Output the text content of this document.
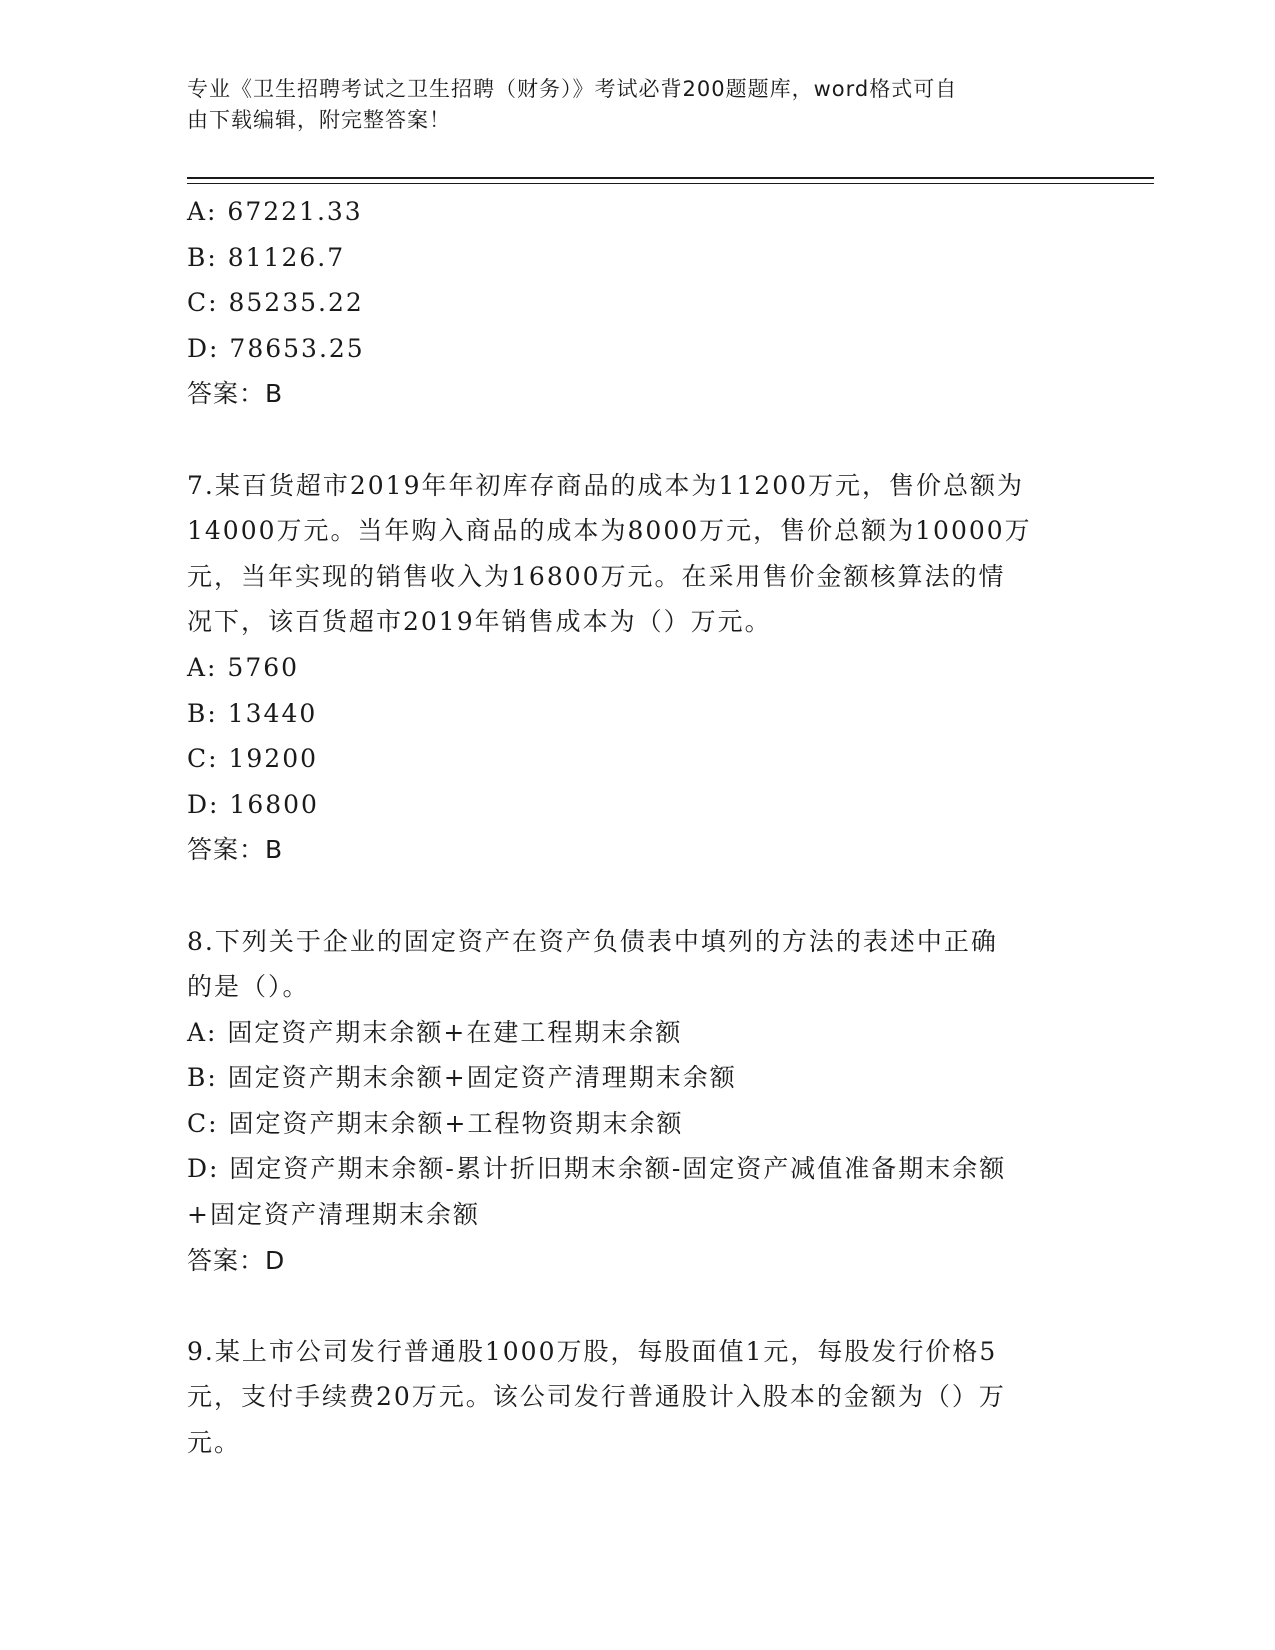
专业《卫生招聘考试之卫生招聘（财务）》考试必背200题题库，word格式可自
由下载编辑，附完整答案！
A: 67221.33
B: 81126.7
C: 85235.22
D: 78653.25
答案：B
7.某百货超市2019年年初库存商品的成本为11200万元，售价总额为
14000万元。当年购入商品的成本为8000万元，售价总额为10000万
元，当年实现的销售收入为16800万元。在采用售价金额核算法的情
况下，该百货超市2019年销售成本为（）万元。
A: 5760
B: 13440
C: 19200
D: 16800
答案：B
8.下列关于企业的固定资产在资产负债表中填列的方法的表述中正确
的是（）。
A: 固定资产期末余额+在建工程期末余额
B: 固定资产期末余额+固定资产清理期末余额
C: 固定资产期末余额+工程物资期末余额
D: 固定资产期末余额-累计折旧期末余额-固定资产减值准备期末余额
+固定资产清理期末余额
答案：D
9.某上市公司发行普通股1000万股，每股面值1元，每股发行价格5
元，支付手续费20万元。该公司发行普通股计入股本的金额为（）万
元。
